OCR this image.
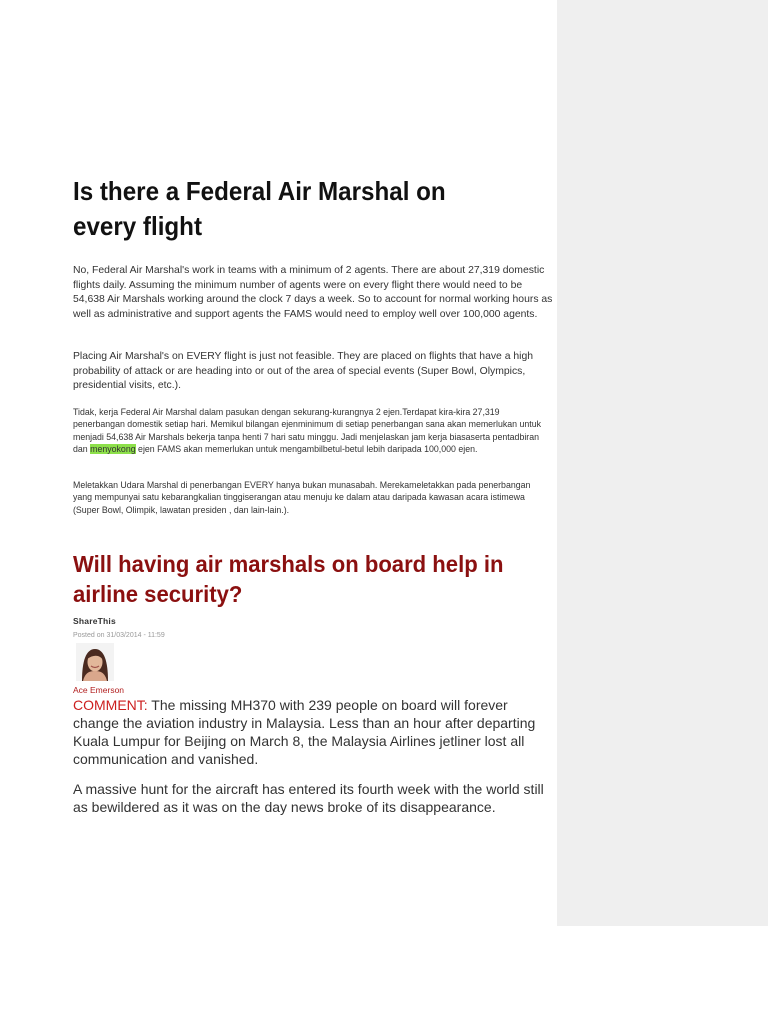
Is there a Federal Air Marshal on every flight

No, Federal Air Marshal's work in teams with a minimum of 2 agents. There are about 27,319 domestic flights daily. Assuming the minimum number of agents were on every flight there would need to be 54,638 Air Marshals working around the clock 7 days a week. So to account for normal working hours as well as administrative and support agents the FAMS would need to employ well over 100,000 agents.

Placing Air Marshal's on EVERY flight is just not feasible. They are placed on flights that have a high probability of attack or are heading into or out of the area of special events (Super Bowl, Olympics, presidential visits, etc.).

Tidak, kerja Federal Air Marshal dalam pasukan dengan sekurang-kurangnya 2 ejen.Terdapat kira-kira 27,319 penerbangan domestik setiap hari. Memikul bilangan ejenminimum di setiap penerbangan sana akan memerlukan untuk menjadi 54,638 Air Marshals bekerja tanpa henti 7 hari satu minggu. Jadi menjelaskan jam kerja biasaserta pentadbiran dan menyokong ejen FAMS akan memerlukan untuk mengambilbetul-betul lebih daripada 100,000 ejen.

Meletakkan Udara Marshal di penerbangan EVERY hanya bukan munasabah. Merekameletakkan pada penerbangan yang mempunyai satu kebarangkalian tinggiserangan atau menuju ke dalam atau daripada kawasan acara istimewa (Super Bowl, Olimpik, lawatan presiden , dan lain-lain.).

Will having air marshals on board help in airline security?
ShareThis
Posted on 31/03/2014 - 11:59
Ace Emerson

COMMENT: The missing MH370 with 239 people on board will forever change the aviation industry in Malaysia. Less than an hour after departing Kuala Lumpur for Beijing on March 8, the Malaysia Airlines jetliner lost all communication and vanished.

A massive hunt for the aircraft has entered its fourth week with the world still as bewildered as it was on the day news broke of its disappearance.
